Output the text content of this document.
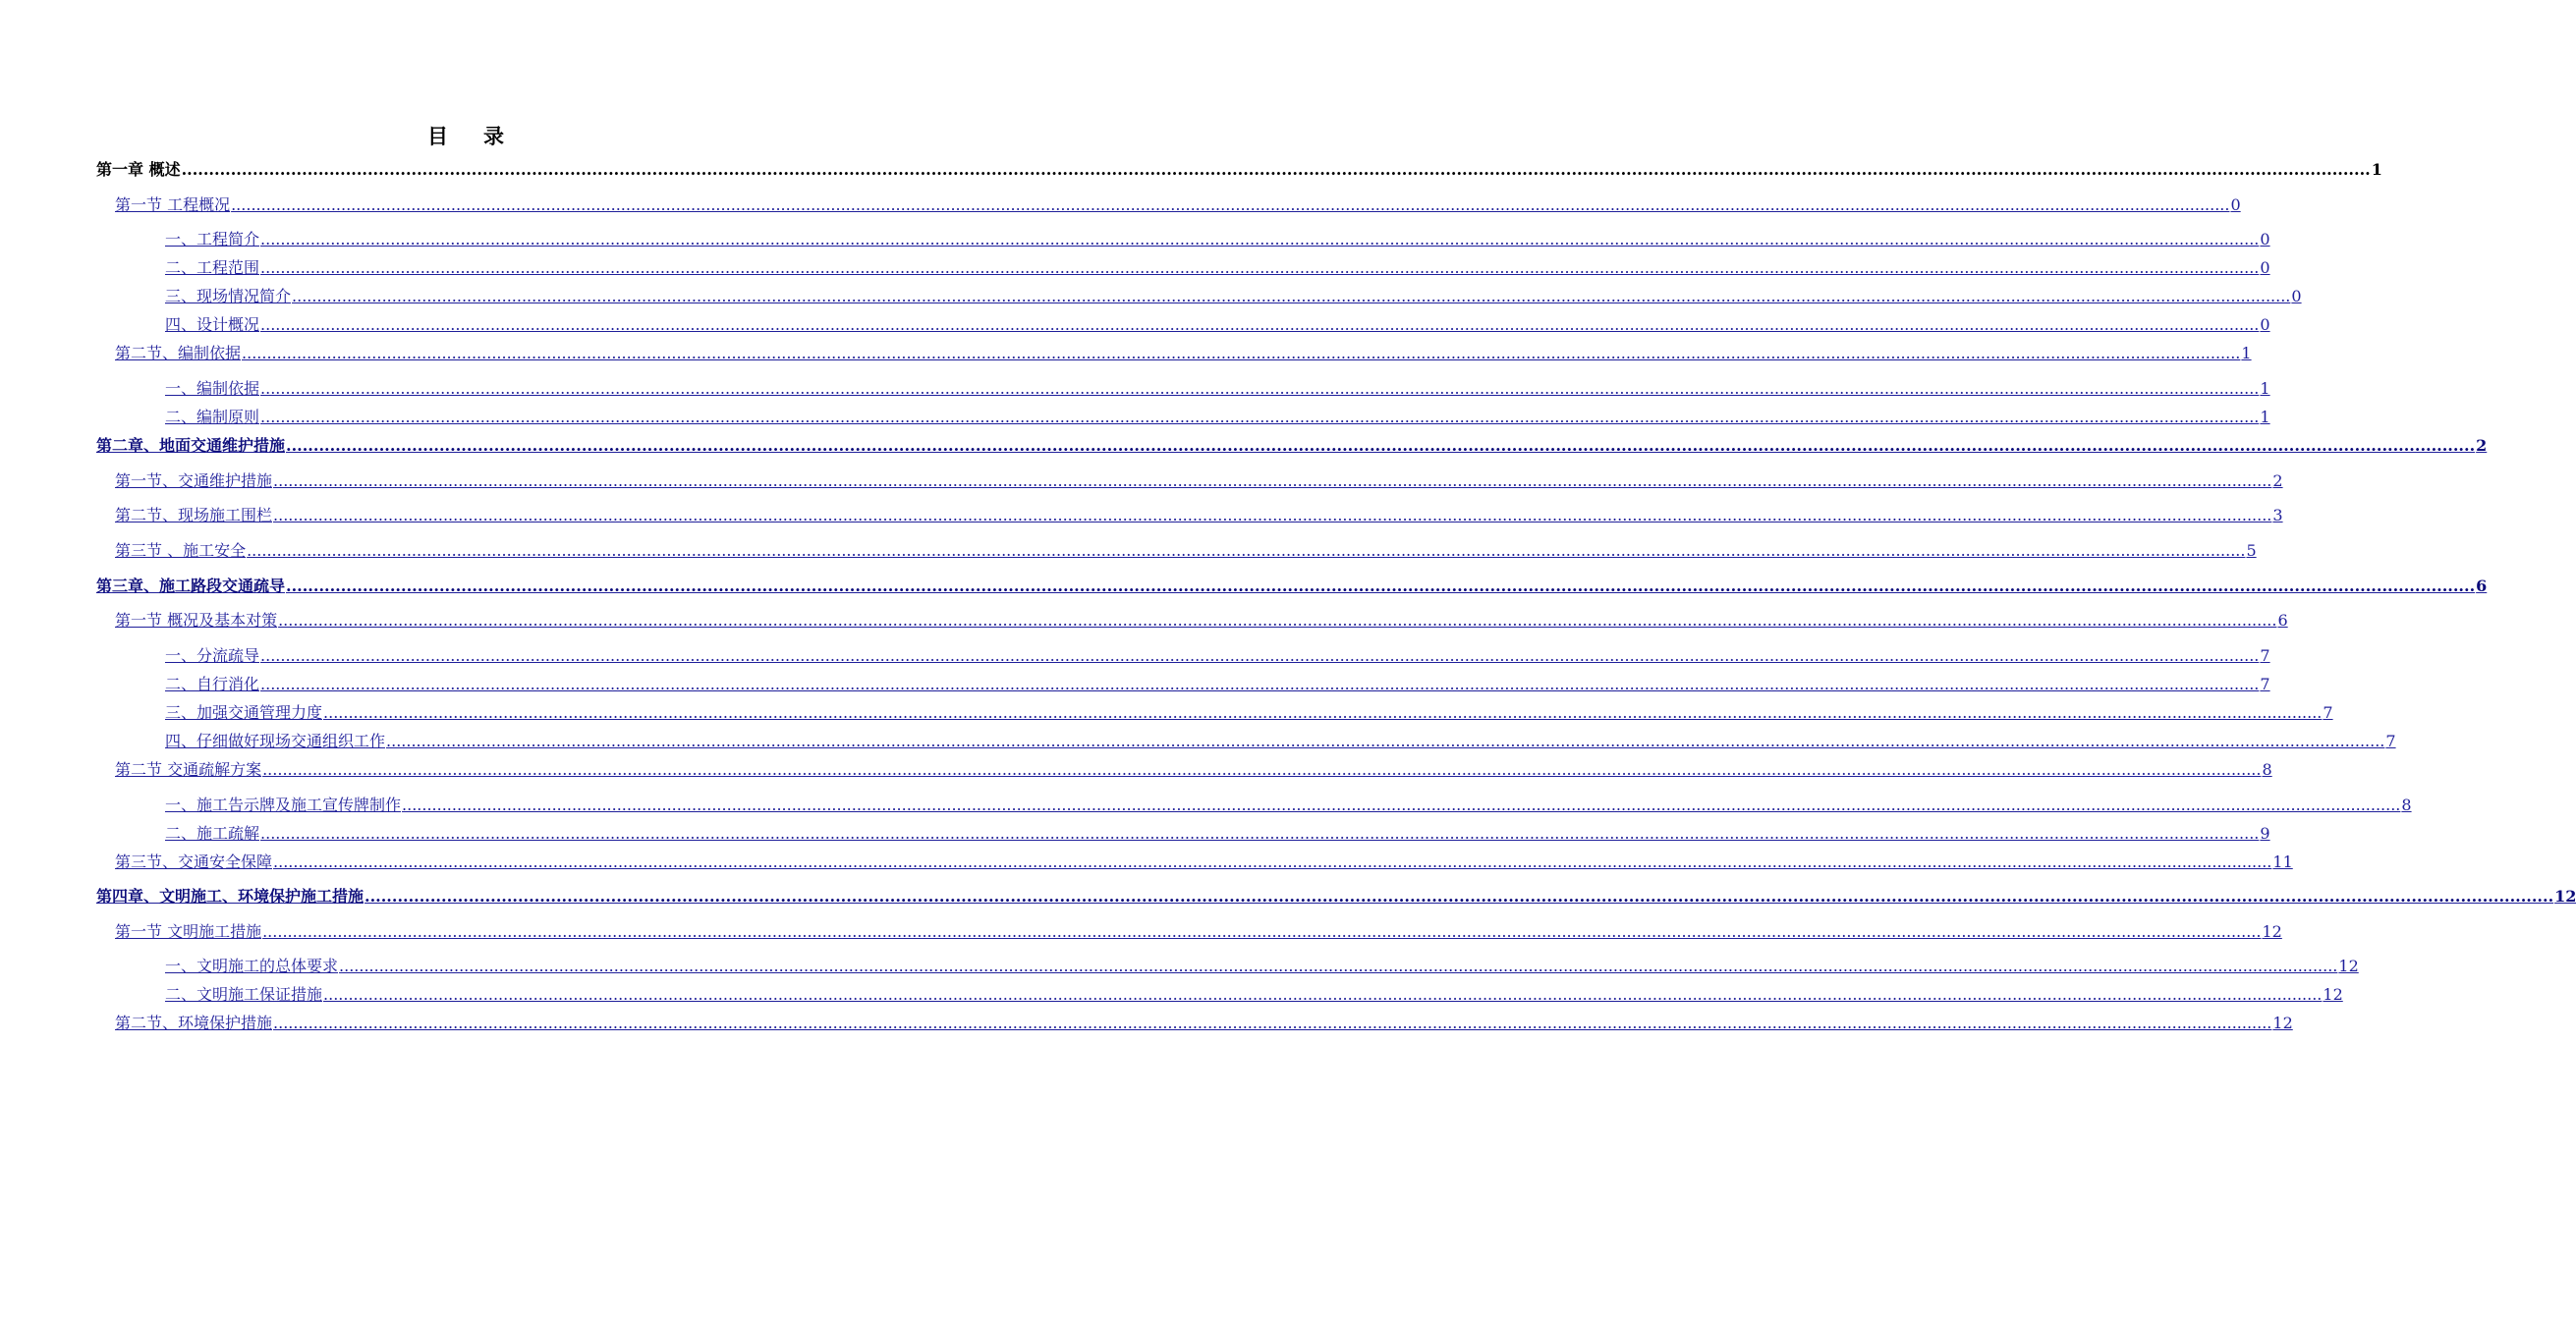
目 录
第一章 概述 ................................................................................................................................................................................................................................................................................................................................................................................................................ 1
第一节 工程概况 ................................................................................................................................................................................................................................................................................................................................................................................................................ 0
一、工程简介 ................................................................................................................................................................................................................................................................................................................................................................................................................ 0
二、工程范围 ................................................................................................................................................................................................................................................................................................................................................................................................................ 0
三、现场情况简介 ................................................................................................................................................................................................................................................................................................................................................................................................................ 0
四、设计概况 ................................................................................................................................................................................................................................................................................................................................................................................................................ 0
第二节、编制依据 ................................................................................................................................................................................................................................................................................................................................................................................................................ 1
一、编制依据 ................................................................................................................................................................................................................................................................................................................................................................................................................ 1
二、编制原则 ................................................................................................................................................................................................................................................................................................................................................................................................................ 1
第二章、地面交通维护措施 ................................................................................................................................................................................................................................................................................................................................................................................................................ 2
第一节、交通维护措施 ................................................................................................................................................................................................................................................................................................................................................................................................................ 2
第二节、现场施工围栏 ................................................................................................................................................................................................................................................................................................................................................................................................................ 3
第三节 、施工安全 ................................................................................................................................................................................................................................................................................................................................................................................................................ 5
第三章、施工路段交通疏导 ................................................................................................................................................................................................................................................................................................................................................................................................................ 6
第一节 概况及基本对策 ................................................................................................................................................................................................................................................................................................................................................................................................................ 6
一、分流疏导 ................................................................................................................................................................................................................................................................................................................................................................................................................ 7
二、自行消化 ................................................................................................................................................................................................................................................................................................................................................................................................................ 7
三、加强交通管理力度 ................................................................................................................................................................................................................................................................................................................................................................................................................ 7
四、仔细做好现场交通组织工作 ................................................................................................................................................................................................................................................................................................................................................................................................................ 7
第二节 交通疏解方案 ................................................................................................................................................................................................................................................................................................................................................................................................................ 8
一、施工告示牌及施工宣传牌制作 ................................................................................................................................................................................................................................................................................................................................................................................................................ 8
二、施工疏解 ................................................................................................................................................................................................................................................................................................................................................................................................................ 9
第三节、交通安全保障 ................................................................................................................................................................................................................................................................................................................................................................................................................ 11
第四章、文明施工、环境保护施工措施 ................................................................................................................................................................................................................................................................................................................................................................................................................ 12
第一节 文明施工措施 ................................................................................................................................................................................................................................................................................................................................................................................................................ 12
一、文明施工的总体要求 ................................................................................................................................................................................................................................................................................................................................................................................................................ 12
二、文明施工保证措施 ................................................................................................................................................................................................................................................................................................................................................................................................................ 12
第二节、环境保护措施 ................................................................................................................................................................................................................................................................................................................................................................................................................ 12
